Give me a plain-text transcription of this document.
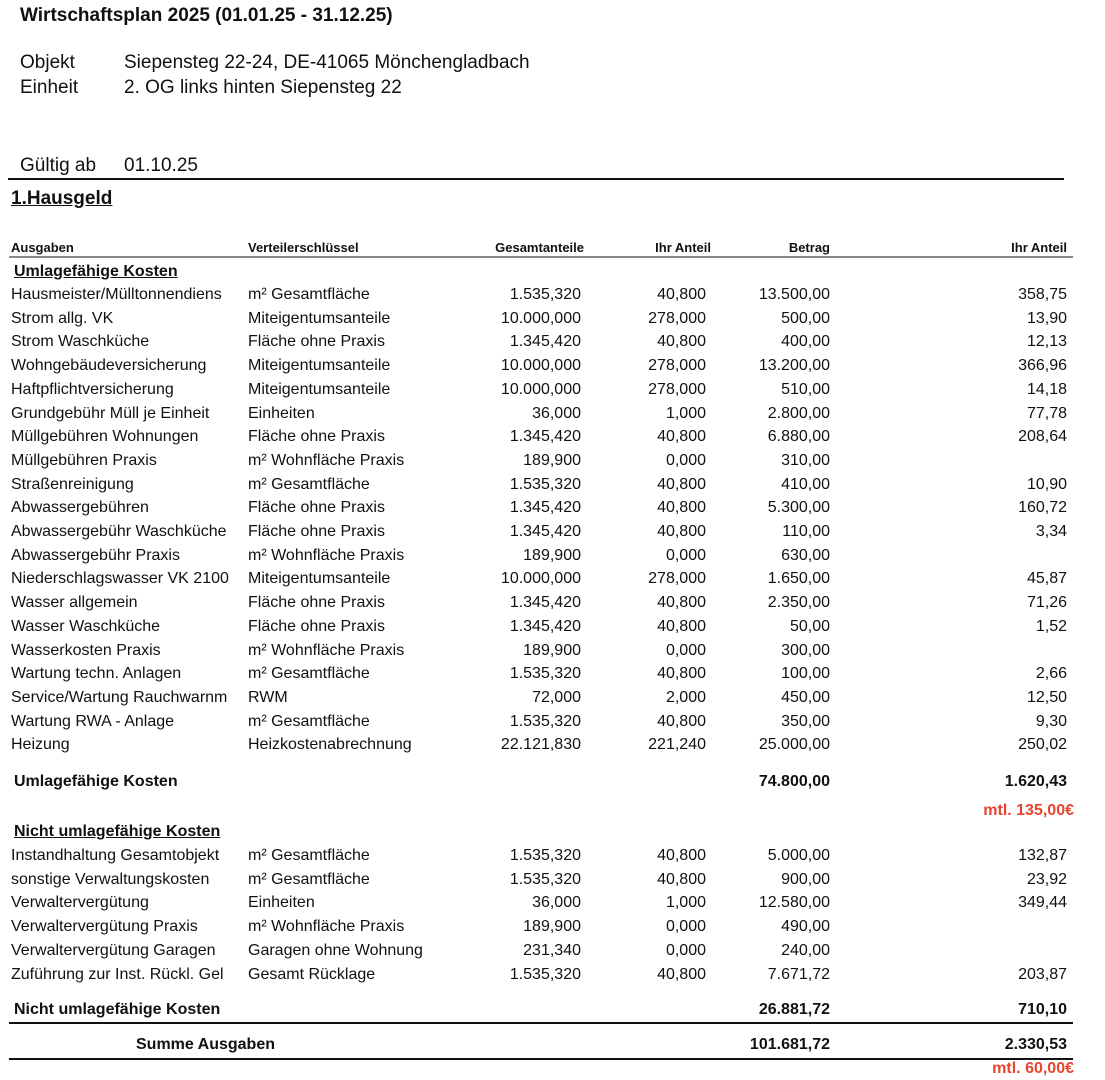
Wirtschaftsplan 2025 (01.01.25 - 31.12.25)
Objekt	Siepensteg 22-24, DE-41065 Mönchengladbach
Einheit 2. OG links hinten Siepensteg 22
Gültig ab 01.10.25
1.Hausgeld
Ausgaben	Verteilerschlüssel	Gesamtanteile	Ihr Anteil	Betrag	Ihr Anteil
Umlagefähige Kosten
Hausmeister/Mülltonnendiens	m² Gesamtfläche	1.535,320	40,800	13.500,00	358,75
Strom allg. VK	Miteigentumsanteile	10.000,000	278,000	500,00	13,90
Strom Waschküche	Fläche ohne Praxis	1.345,420	40,800	400,00	12,13
Wohngebäudeversicherung	Miteigentumsanteile	10.000,000	278,000	13.200,00	366,96
Haftpflichtversicherung	Miteigentumsanteile	10.000,000	278,000	510,00	14,18
Grundgebühr Müll je Einheit	Einheiten	36,000	1,000	2.800,00	77,78
Müllgebühren Wohnungen	Fläche ohne Praxis	1.345,420	40,800	6.880,00	208,64
Müllgebühren Praxis	m² Wohnfläche Praxis	189,900	0,000	310,00
Straßenreinigung	m² Gesamtfläche	1.535,320	40,800	410,00	10,90
Abwassergebühren	Fläche ohne Praxis	1.345,420	40,800	5.300,00	160,72
Abwassergebühr Waschküche	Fläche ohne Praxis	1.345,420	40,800	110,00	3,34
Abwassergebühr Praxis	m² Wohnfläche Praxis	189,900	0,000	630,00
Niederschlagswasser VK 2100	Miteigentumsanteile	10.000,000	278,000	1.650,00	45,87
Wasser allgemein	Fläche ohne Praxis	1.345,420	40,800	2.350,00	71,26
Wasser Waschküche	Fläche ohne Praxis	1.345,420	40,800	50,00	1,52
Wasserkosten Praxis	m² Wohnfläche Praxis	189,900	0,000	300,00
Wartung techn. Anlagen	m² Gesamtfläche	1.535,320	40,800	100,00	2,66
Service/Wartung Rauchwarnm	RWM	72,000	2,000	450,00	12,50
Wartung RWA - Anlage	m² Gesamtfläche	1.535,320	40,800	350,00	9,30
Heizung	Heizkostenabrechnung	22.121,830	221,240	25.000,00	250,02
Umlagefähige Kosten	74.800,00	1.620,43
mtl. 135,00€
Nicht umlagefähige Kosten
Instandhaltung Gesamtobjekt	m² Gesamtfläche	1.535,320	40,800	5.000,00	132,87
sonstige Verwaltungskosten	m² Gesamtfläche	1.535,320	40,800	900,00	23,92
Verwaltervergütung	Einheiten	36,000	1,000	12.580,00	349,44
Verwaltervergütung Praxis	m² Wohnfläche Praxis	189,900	0,000	490,00
Verwaltervergütung Garagen	Garagen ohne Wohnung	231,340	0,000	240,00
Zuführung zur Inst. Rückl. Gel	Gesamt Rücklage	1.535,320	40,800	7.671,72	203,87
Nicht umlagefähige Kosten	26.881,72	710,10
Summe Ausgaben	101.681,72	2.330,53
mtl. 60,00€
